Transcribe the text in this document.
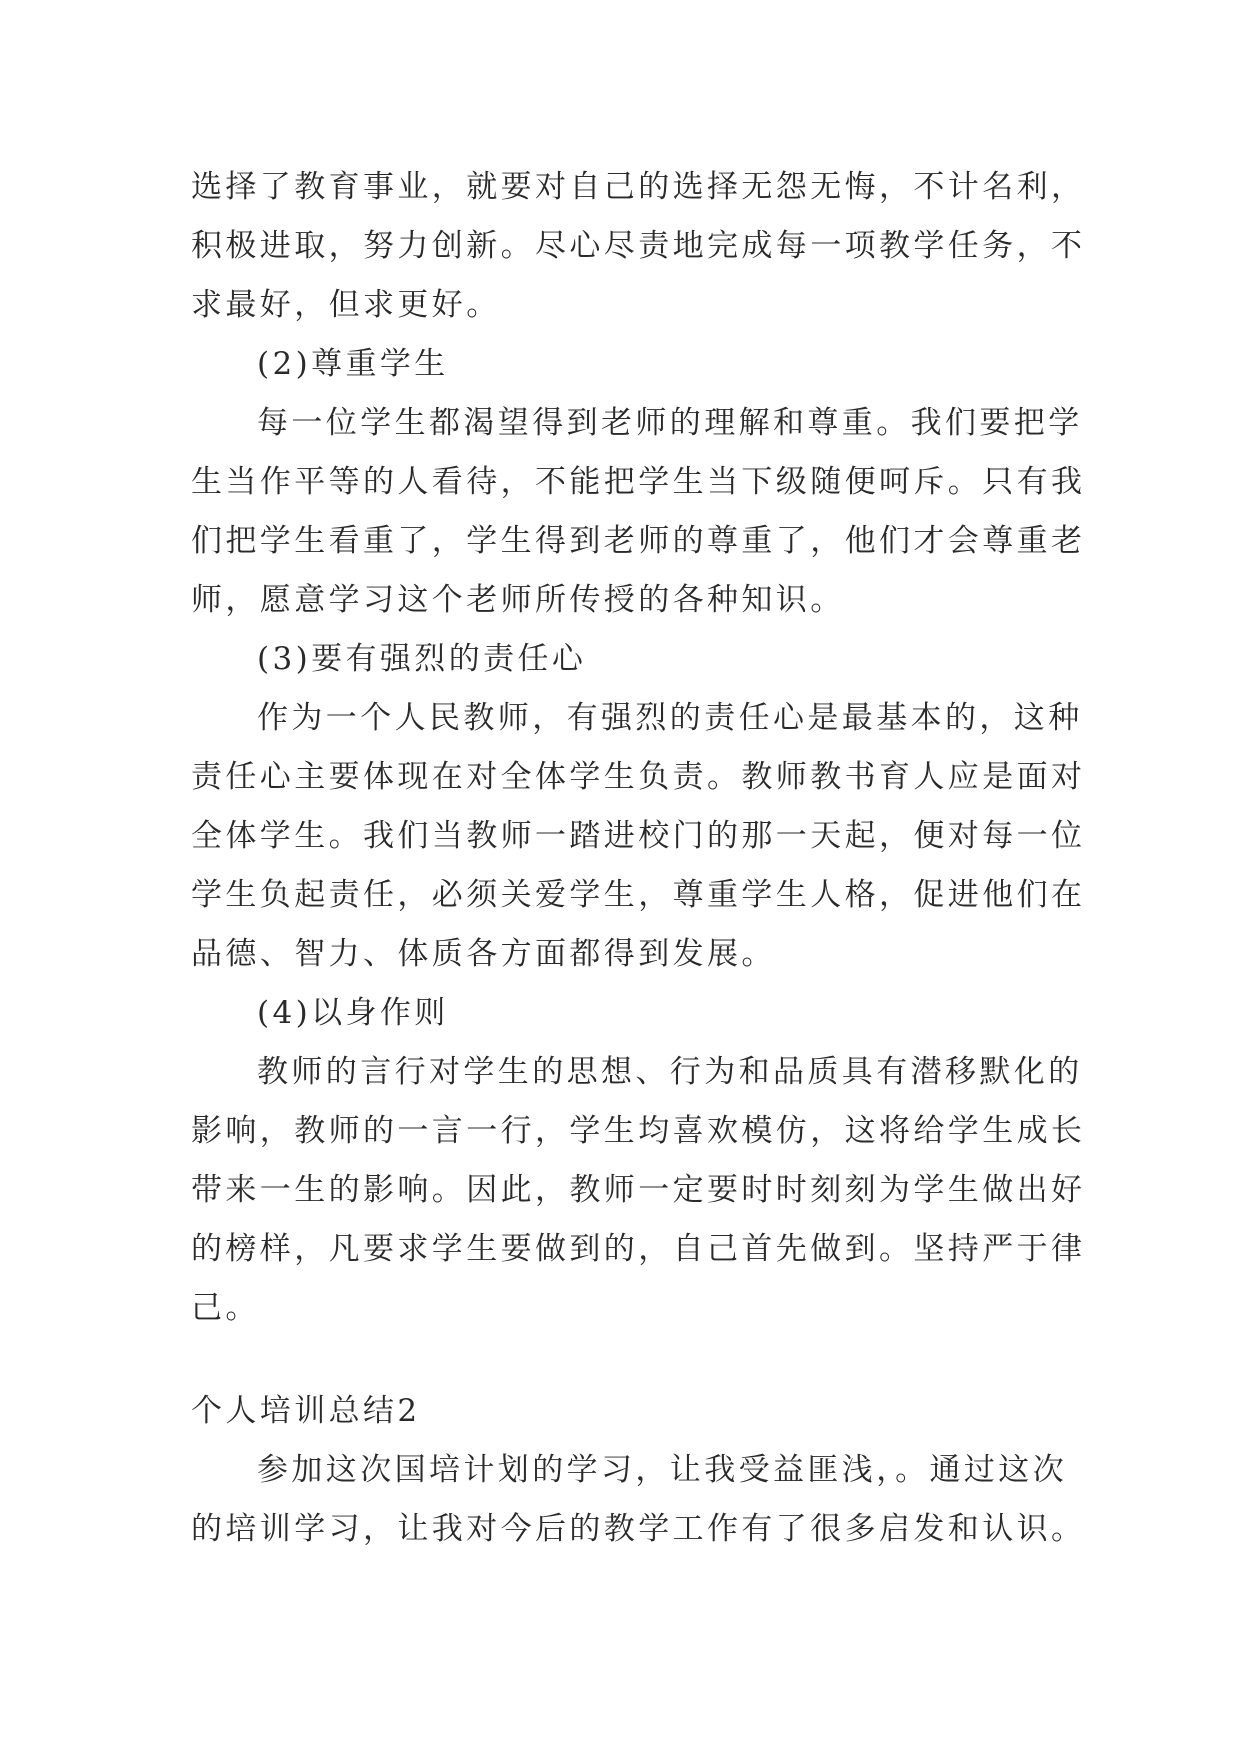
选择了教育事业，就要对自己的选择无怨无悔，不计名利，
积极进取，努力创新。尽心尽责地完成每一项教学任务，不
求最好，但求更好。
(2)尊重学生
每一位学生都渴望得到老师的理解和尊重。我们要把学
生当作平等的人看待，不能把学生当下级随便呵斥。只有我
们把学生看重了，学生得到老师的尊重了，他们才会尊重老
师，愿意学习这个老师所传授的各种知识。
(3)要有强烈的责任心
作为一个人民教师，有强烈的责任心是最基本的，这种
责任心主要体现在对全体学生负责。教师教书育人应是面对
全体学生。我们当教师一踏进校门的那一天起，便对每一位
学生负起责任，必须关爱学生，尊重学生人格，促进他们在
品德、智力、体质各方面都得到发展。
(4)以身作则
教师的言行对学生的思想、行为和品质具有潜移默化的
影响，教师的一言一行，学生均喜欢模仿，这将给学生成长
带来一生的影响。因此，教师一定要时时刻刻为学生做出好
的榜样，凡要求学生要做到的，自己首先做到。坚持严于律
己。
个人培训总结2
参加这次国培计划的学习，让我受益匪浅，。通过这次
的培训学习，让我对今后的教学工作有了很多启发和认识。
